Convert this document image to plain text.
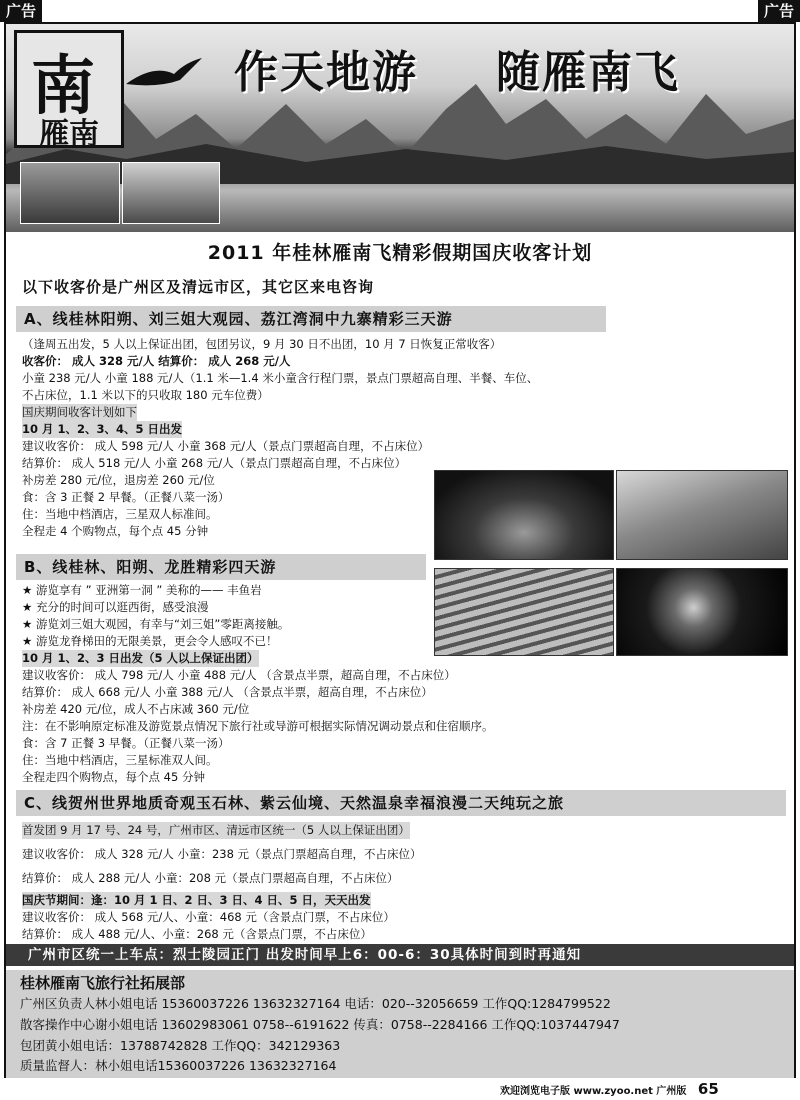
广告	广告
南
雁南
作天地游 随雁南飞
2011 年桂林雁南飞精彩假期国庆收客计划
以下收客价是广州区及清远市区，其它区来电咨询
A、线桂林阳朔、刘三姐大观园、荔江湾洞中九寨精彩三天游
（逢周五出发，5 人以上保证出团，包团另议，9 月 30 日不出团，10 月 7 日恢复正常收客）
收客价： 成人 328 元/人 结算价： 成人 268 元/人
小童 238 元/人 小童 188 元/人（1.1 米—1.4 米小童含行程门票，景点门票超高自理、半餐、车位、
不占床位，1.1 米以下的只收取 180 元车位费）
国庆期间收客计划如下
10 月 1、2、3、4、5 日出发
建议收客价： 成人 598 元/人 小童 368 元/人（景点门票超高自理，不占床位）
结算价： 成人 518 元/人 小童 268 元/人（景点门票超高自理，不占床位）
补房差 280 元/位，退房差 260 元/位
食：含 3 正餐 2 早餐。（正餐八菜一汤）
住：当地中档酒店，三星双人标准间。
全程走 4 个购物点，每个点 45 分钟
B、线桂林、阳朔、龙胜精彩四天游
★ 游览享有 ” 亚洲第一洞 ” 美称的—— 丰鱼岩
★ 充分的时间可以逛西街，感受浪漫
★ 游览刘三姐大观园，有幸与“刘三姐”零距离接触。
★ 游览龙脊梯田的无限美景，更会令人感叹不已！
10 月 1、2、3 日出发（5 人以上保证出团）
建议收客价： 成人 798 元/人 小童 488 元/人 （含景点半票，超高自理，不占床位）
结算价： 成人 668 元/人 小童 388 元/人 （含景点半票，超高自理，不占床位）
补房差 420 元/位，成人不占床减 360 元/位
注：在不影响原定标准及游览景点情况下旅行社或导游可根据实际情况调动景点和住宿顺序。
食：含 7 正餐 3 早餐。（正餐八菜一汤）
住：当地中档酒店，三星标准双人间。
全程走四个购物点，每个点 45 分钟
C、线贺州世界地质奇观玉石林、紫云仙境、天然温泉幸福浪漫二天纯玩之旅
首发团 9 月 17 号、24 号，广州市区、清远市区统一（5 人以上保证出团）
建议收客价： 成人 328 元/人 小童：238 元（景点门票超高自理，不占床位）
结算价： 成人 288 元/人 小童：208 元（景点门票超高自理，不占床位）
国庆节期间：逢：10 月 1 日、2 日、3 日、4 日、5 日，天天出发
建议收客价： 成人 568 元/人、小童：468 元（含景点门票，不占床位）
结算价： 成人 488 元/人、小童：268 元（含景点门票，不占床位）
广州市区统一上车点：烈士陵园正门 出发时间早上6：00-6：30具体时间到时再通知
桂林雁南飞旅行社拓展部
广州区负责人林小姐电话 15360037226 13632327164 电话：020--32056659 工作QQ:1284799522
散客操作中心谢小姐电话 13602983061 0758--6191622 传真：0758--2284166 工作QQ:1037447947
包团黄小姐电话：13788742828 工作QQ：342129363
质量监督人：林小姐电话15360037226 13632327164
欢迎浏览电子版 www.zyoo.net 广州版 65
